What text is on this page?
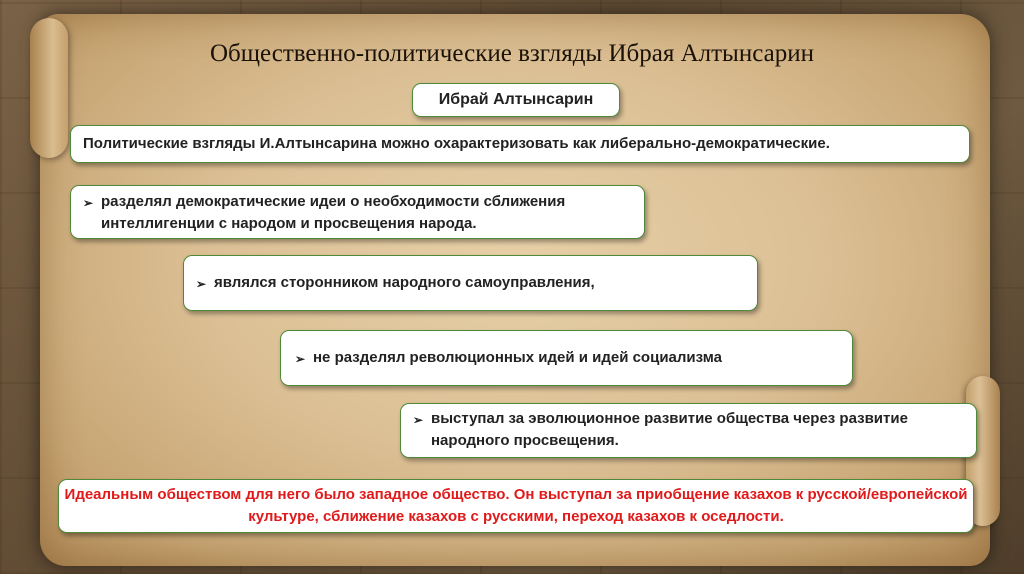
Общественно-политические взгляды Ибрая Алтынсарин
Ибрай Алтынсарин
Политические взгляды И.Алтынсарина можно охарактеризовать как либерально-демократические.
➢ разделял демократические идеи о необходимости сближения интеллигенции с народом и просвещения народа.
➢ являлся сторонником народного самоуправления,
➢ не разделял революционных идей и идей социализма
➢ выступал за эволюционное развитие общества через развитие народного просвещения.
Идеальным обществом для него было западное общество. Он выступал за приобщение казахов к русской/европейской культуре, сближение казахов с русскими, переход казахов к оседлости.
